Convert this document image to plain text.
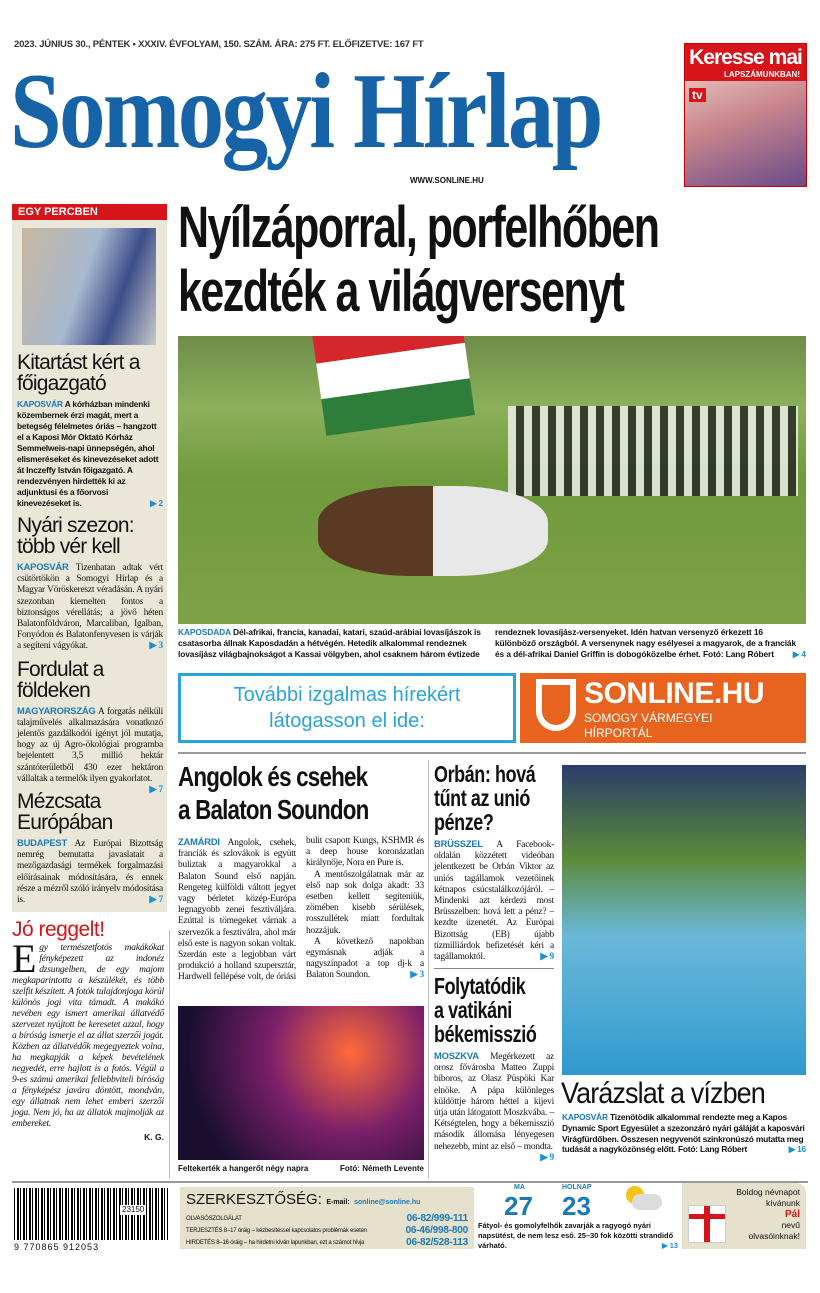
2023. JÚNIUS 30., PÉNTEK • XXXIV. ÉVFOLYAM, 150. SZÁM. ÁRA: 275 FT. ELŐFIZETVE: 167 FT
Somogyi Hírlap
WWW.SONLINE.HU
Keresse mai
LAPSZÁMUNKBAN!
tv
EGY PERCBEN
Kitartást kért a főigazgató
KAPOSVÁR A kórházban mindenki közembernek érzi magát, mert a betegség félelmetes óriás – hangzott el a Kaposi Mór Oktató Kórház Semmelweis-napi ünnepségén, ahol elismeréseket és kinevezéseket adott át Inczeffy István főigazgató. A rendezvényen hirdették ki az adjunktusi és a főorvosi kinevezéseket is.	▶ 2
Nyári szezon: több vér kell
KAPOSVÁR Tizenhatan adtak vért csütörtökön a Somogyi Hírlap és a Magyar Vöröskereszt véradásán. A nyári szezonban kiemelten fontos a biztonságos vérellátás; a jövő héten Balatonföldváron, Marcaliban, Igalban, Fonyódon és Balatonfenyvesen is várják a segíteni vágyókat.	▶ 3
Fordulat a földeken
MAGYARORSZÁG A forgatás nélküli talajművelés alkalmazására vonatkozó jelentős gazdálkodói igényt jól mutatja, hogy az új Agro-ökológiai programba bejelentett 3,5 millió hektár szántóterületből 430 ezer hektáron vállaltak a termelők ilyen gyakorlatot.
▶ 7
Mézcsata Európában
BUDAPEST Az Európai Bizottság nemrég bemutatta javaslatait a mezőgazdasági termékek forgalmazási előírásainak módosítására, és ennek része a mézről szóló irányelv módosítása is.	▶ 7
Jó reggelt!
Egy természetfotós makákókat fényképezett az indonéz dzsungelben, de egy majom megkaparintotta a készülékét, és több szelfit készített. A fotók tulajdonjoga körül különös jogi vita támadt. A makákó nevében egy ismert amerikai állatvédő szervezet nyújtott be keresetet azzal, hogy a bíróság ismerje el az állat szerzői jogát. Közben az állatvédők megegyeztek volna, ha megkapják a képek bevételének negyedét, erre hajlott is a fotós. Végül a 9-es számú amerikai fellebbviteli bíróság a fényképész javára döntött, mondván, egy állatnak nem lehet emberi szerzői joga. Nem jó, ha az állatok majmolják az embereket.
K. G.
Nyílzáporral, porfelhőben
kezdték a világversenyt
KAPOSDADA Dél-afrikai, francia, kanadai, katari, szaúd-arábiai lovasíjászok is csatasorba állnak Kaposdadán a hétvégén. Hetedik alkalommal rendeznek lovasíjász világbajnokságot a Kassai völgyben, ahol csaknem három évtizede rendeznek lovasíjász-versenyeket. Idén hatvan versenyző érkezett 16 különböző országból. A versenynek nagy esélyesei a magyarok, de a franciák és a dél-afrikai Daniel Griffin is dobogóközelbe érhet. Fotó: Lang Róbert ▶ 4
További izgalmas hírekért
látogasson el ide:
SONLINE.HU
SOMOGY VÁRMEGYEI
HÍRPORTÁL
Angolok és csehek
a Balaton Soundon
ZAMÁRDI Angolok, csehek, franciák és szlovákok is együtt buliztak a magyarokkal a Balaton Sound első napján. Rengeteg külföldi váltott jegyet vagy bérletet közép-Európa legnagyobb zenei fesztiváljára. Ezúttal is tömegeket várnak a szervezők a fesztiválra, ahol már első este is nagyon sokan voltak. Szerdán este a legjobban várt produkció a holland szupersztár, Hardwell fellépése volt, de óriási bulit csapott Kungs, KSHMR és a deep house koronázatlan királynője, Nora en Pure is.
A mentőszolgálatnak már az első nap sok dolga akadt: 33 esetben kellett segíteniük, zömében kisebb sérülések, rosszullétek miatt fordultak hozzájuk.
A következő napokban egymásnak adják a nagyszínpadot a top dj-k a Balaton Soundon.	▶ 3
Feltekerték a hangerőt négy napra	Fotó: Németh Levente
Orbán: hová
tűnt az unió
pénze?
BRÜSSZEL A Facebook-oldalán közzétett videóban jelentkezett be Orbán Viktor az uniós tagállamok vezetőinek kétnapos csúcstalálkozójáról. – Mindenki azt kérdezi most Brüsszelben: hová lett a pénz? – kezdte üzenetét. Az Európai Bizottság (EB) újabb tízmilliárdok befizetését kéri a tagállamoktól.	▶ 9
Folytatódik
a vatikáni
békemisszió
MOSZKVA Megérkezett az orosz fővárosba Matteo Zuppi bíboros, az Olasz Püspöki Kar elnöke. A pápa különleges küldöttje három héttel a kijevi útja után látogatott Moszkvába. – Kétségtelen, hogy a békemisszió második állomása lényegesen nehezebb, mint az első – mondta.
▶ 9
Varázslat a vízben
KAPOSVÁR Tizenötödik alkalommal rendezte meg a Kapos Dynamic Sport Egyesület a szezonzáró nyári gáláját a kaposvári Virágfürdőben. Összesen negyvenöt szinkronúszó mutatta meg tudását a nagyközönség előtt. Fotó: Lang Róbert	▶ 16
23150
9 770865 912053
SZERKESZTŐSÉG: E-mail: sonline@sonline.hu
OLVASÓSZOLGÁLAT	06-82/999-111
TERJESZTÉS 8–17 óráig – kézbesítéssel kapcsolatos problémák esetén	06-46/998-800
HIRDETÉS 8–16 óráig – ha hirdetni kíván lapunkban, ezt a számot hívja	06-82/528-113
MA
27
HOLNAP
23
Fátyol- és gomolyfelhők zavarják a ragyogó nyári napsütést, de nem lesz eső. 25–30 fok közötti strandidő várható.	▶ 13
Boldog névnapot
kívánunk
Pál
nevű
olvasóinknak!
